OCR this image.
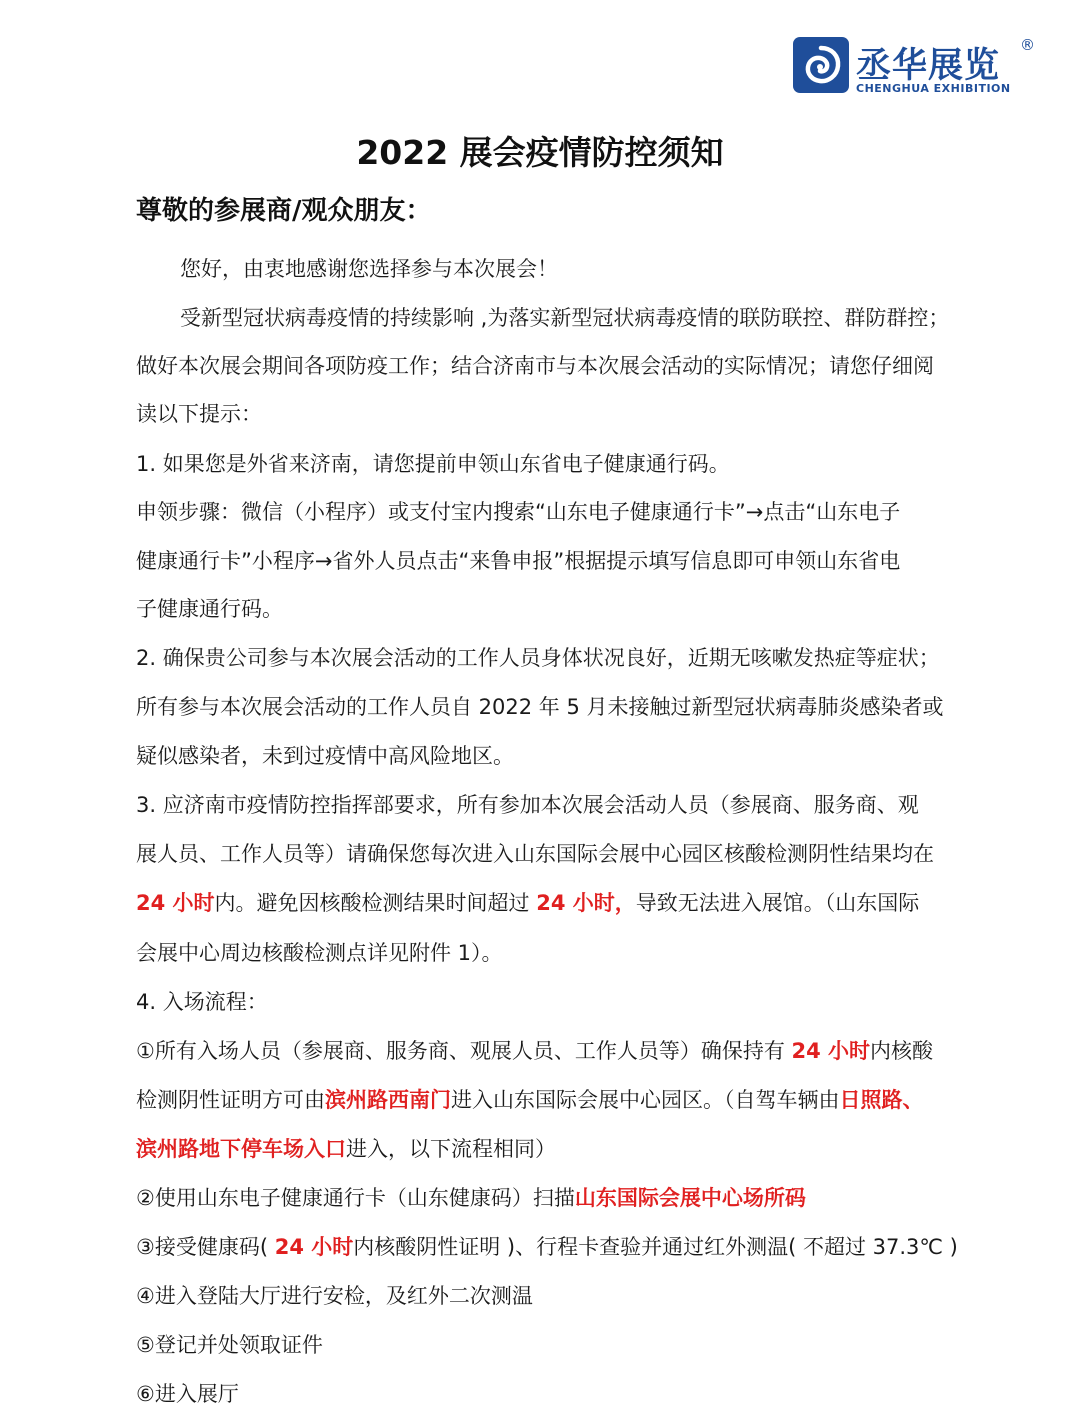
丞华展览
®
CHENGHUA EXHIBITION
2022 展会疫情防控须知
尊敬的参展商/观众朋友：
您好，由衷地感谢您选择参与本次展会！
受新型冠状病毒疫情的持续影响 ,为落实新型冠状病毒疫情的联防联控、群防群控；
做好本次展会期间各项防疫工作；结合济南市与本次展会活动的实际情况；请您仔细阅
读以下提示：
1. 如果您是外省来济南，请您提前申领山东省电子健康通行码。
申领步骤：微信（小程序）或支付宝内搜索“山东电子健康通行卡”→点击“山东电子
健康通行卡”小程序→省外人员点击“来鲁申报”根据提示填写信息即可申领山东省电
子健康通行码。
2. 确保贵公司参与本次展会活动的工作人员身体状况良好，近期无咳嗽发热症等症状；
所有参与本次展会活动的工作人员自 2022 年 5 月未接触过新型冠状病毒肺炎感染者或
疑似感染者，未到过疫情中高风险地区。
3. 应济南市疫情防控指挥部要求，所有参加本次展会活动人员（参展商、服务商、观
展人员、工作人员等）请确保您每次进入山东国际会展中心园区核酸检测阴性结果均在
24 小时内。避免因核酸检测结果时间超过 24 小时，导致无法进入展馆。（山东国际
会展中心周边核酸检测点详见附件 1）。
4. 入场流程：
①所有入场人员（参展商、服务商、观展人员、工作人员等）确保持有 24 小时内核酸
检测阴性证明方可由滨州路西南门进入山东国际会展中心园区。（自驾车辆由日照路、
滨州路地下停车场入口进入，以下流程相同）
②使用山东电子健康通行卡（山东健康码）扫描山东国际会展中心场所码
③接受健康码( 24 小时内核酸阴性证明 )、行程卡查验并通过红外测温( 不超过 37.3℃ )
④进入登陆大厅进行安检，及红外二次测温
⑤登记并处领取证件
⑥进入展厅
